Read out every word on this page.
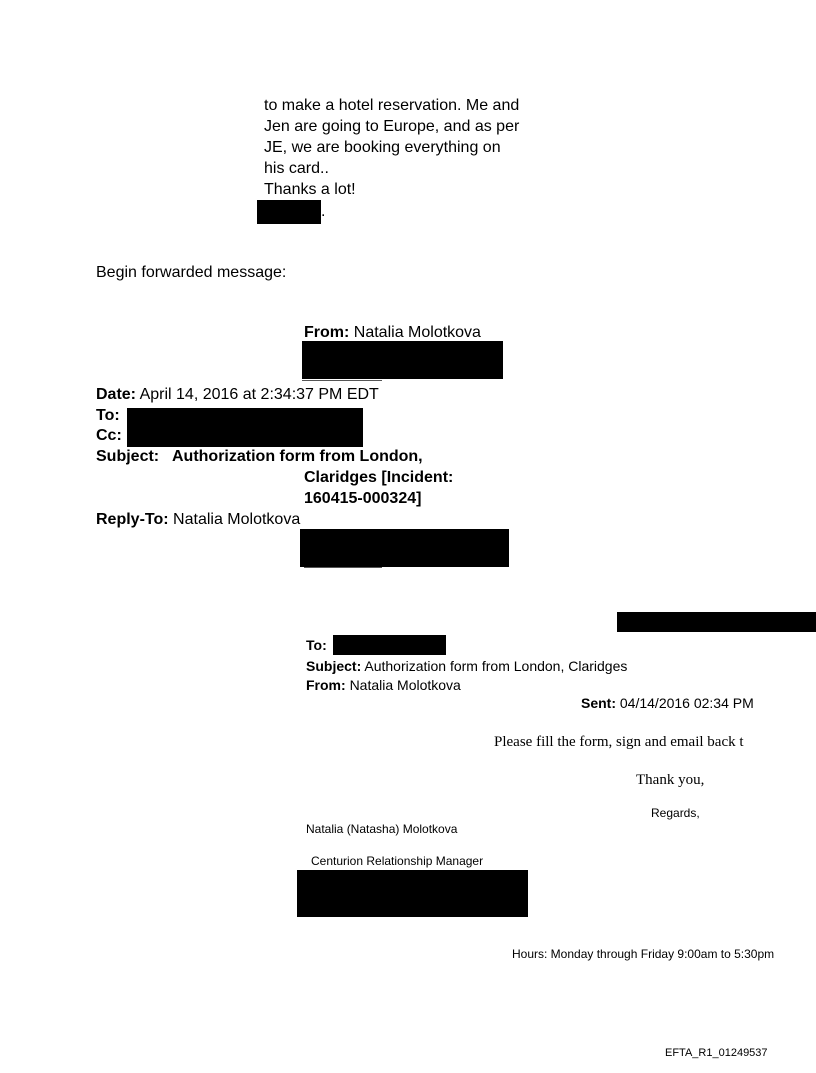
to make a hotel reservation. Me and
Jen are going to Europe, and as per
JE, we are booking everything on
his card..
Thanks a lot!
.
Begin forwarded message:
From: Natalia Molotkova
Date: April 14, 2016 at 2:34:37 PM EDT
To:
Cc:
Subject: Authorization form from London,
Claridges [Incident:
160415-000324]
Reply-To: Natalia Molotkova
To:
Subject: Authorization form from London, Claridges
From: Natalia Molotkova
Sent: 04/14/2016 02:34 PM
Please fill the form, sign and email back t
Thank you,
Regards,
Natalia (Natasha) Molotkova
Centurion Relationship Manager
Hours: Monday through Friday 9:00am to 5:30pm
EFTA_R1_01249537
